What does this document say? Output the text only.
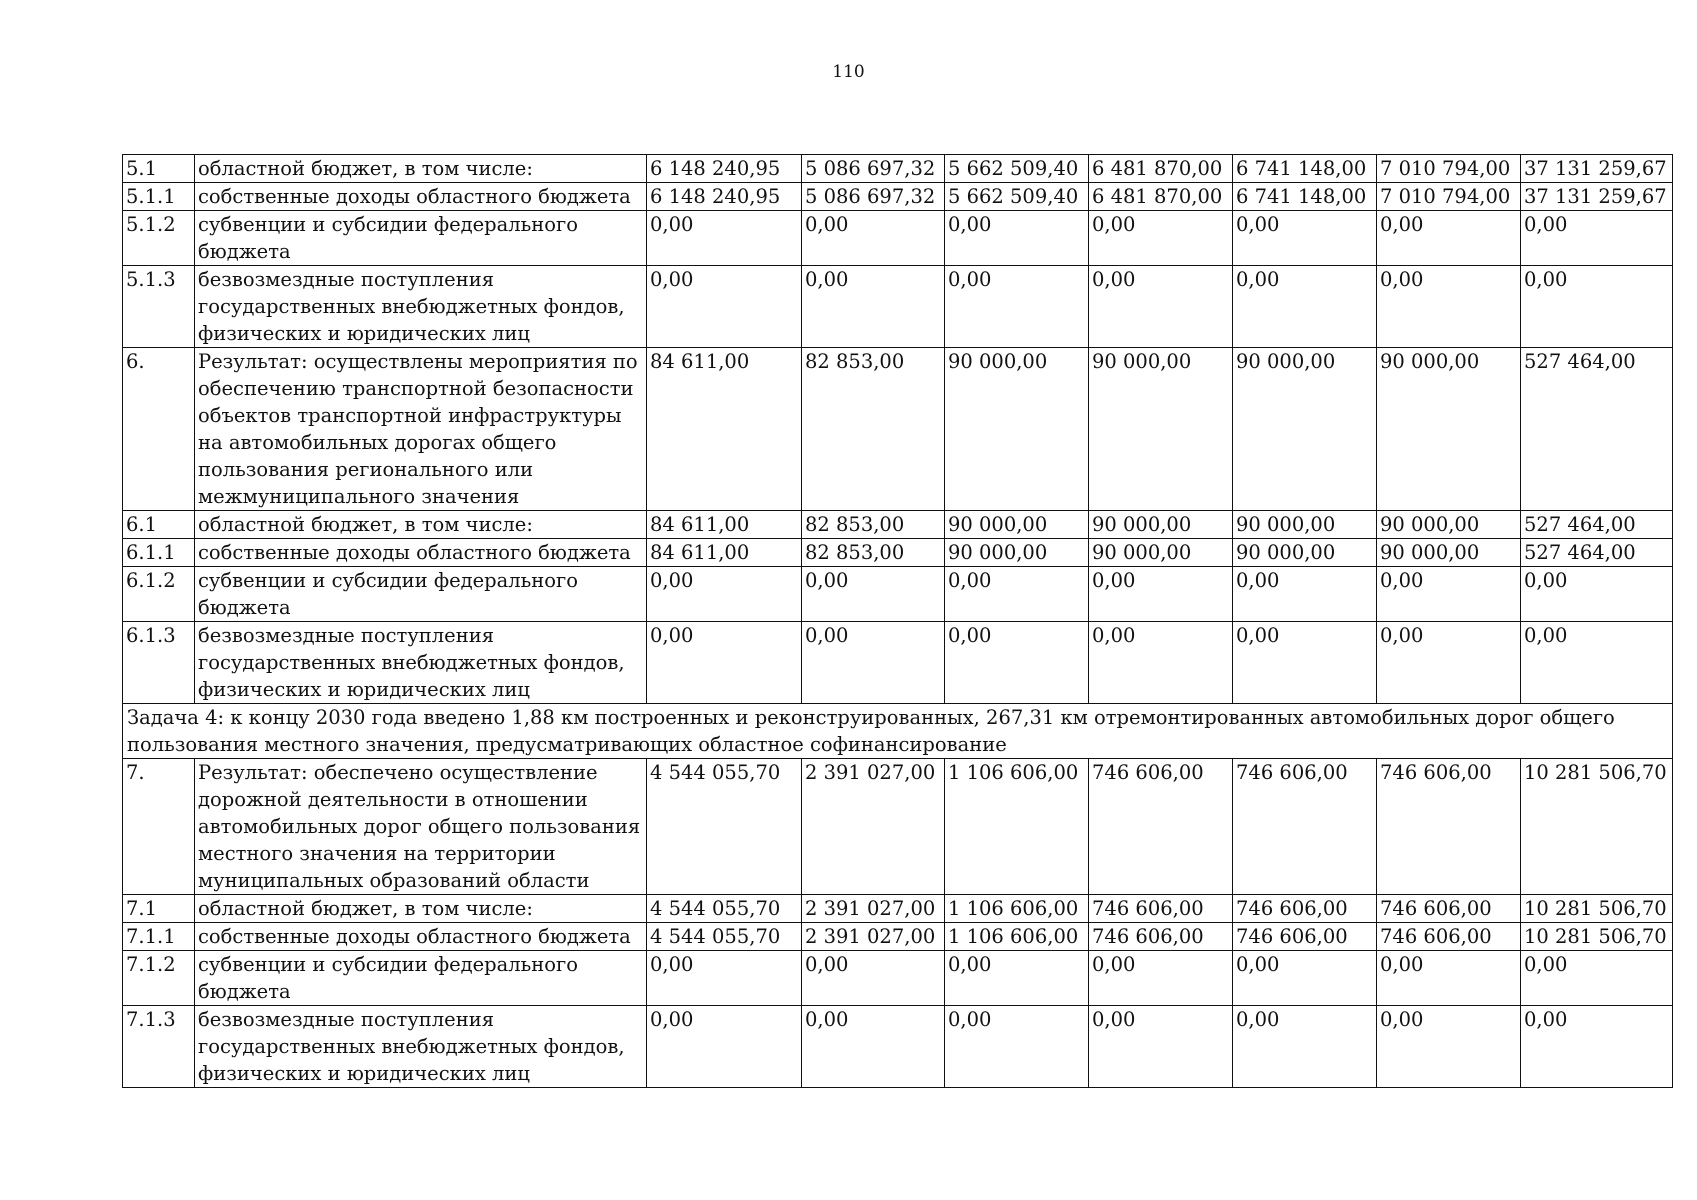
110
5.1	областной бюджет, в том числе:	6 148 240,95	5 086 697,32	5 662 509,40	6 481 870,00	6 741 148,00	7 010 794,00	37 131 259,67
5.1.1	собственные доходы областного бюджета	6 148 240,95	5 086 697,32	5 662 509,40	6 481 870,00	6 741 148,00	7 010 794,00	37 131 259,67
5.1.2	субвенции и субсидии федерального бюджета	0,00	0,00	0,00	0,00	0,00	0,00	0,00
5.1.3	безвозмездные поступления государственных внебюджетных фондов, физических и юридических лиц	0,00	0,00	0,00	0,00	0,00	0,00	0,00
6.	Результат: осуществлены мероприятия по обеспечению транспортной безопасности объектов транспортной инфраструктуры на автомобильных дорогах общего пользования регионального или межмуниципального значения	84 611,00	82 853,00	90 000,00	90 000,00	90 000,00	90 000,00	527 464,00
6.1	областной бюджет, в том числе:	84 611,00	82 853,00	90 000,00	90 000,00	90 000,00	90 000,00	527 464,00
6.1.1	собственные доходы областного бюджета	84 611,00	82 853,00	90 000,00	90 000,00	90 000,00	90 000,00	527 464,00
6.1.2	субвенции и субсидии федерального бюджета	0,00	0,00	0,00	0,00	0,00	0,00	0,00
6.1.3	безвозмездные поступления государственных внебюджетных фондов, физических и юридических лиц	0,00	0,00	0,00	0,00	0,00	0,00	0,00
Задача 4: к концу 2030 года введено 1,88 км построенных и реконструированных, 267,31 км отремонтированных автомобильных дорог общего пользования местного значения, предусматривающих областное софинансирование								
7.	Результат: обеспечено осуществление дорожной деятельности в отношении автомобильных дорог общего пользования местного значения на территории муниципальных образований области	4 544 055,70	2 391 027,00	1 106 606,00	746 606,00	746 606,00	746 606,00	10 281 506,70
7.1	областной бюджет, в том числе:	4 544 055,70	2 391 027,00	1 106 606,00	746 606,00	746 606,00	746 606,00	10 281 506,70
7.1.1	собственные доходы областного бюджета	4 544 055,70	2 391 027,00	1 106 606,00	746 606,00	746 606,00	746 606,00	10 281 506,70
7.1.2	субвенции и субсидии федерального бюджета	0,00	0,00	0,00	0,00	0,00	0,00	0,00
7.1.3	безвозмездные поступления государственных внебюджетных фондов, физических и юридических лиц	0,00	0,00	0,00	0,00	0,00	0,00	0,00
